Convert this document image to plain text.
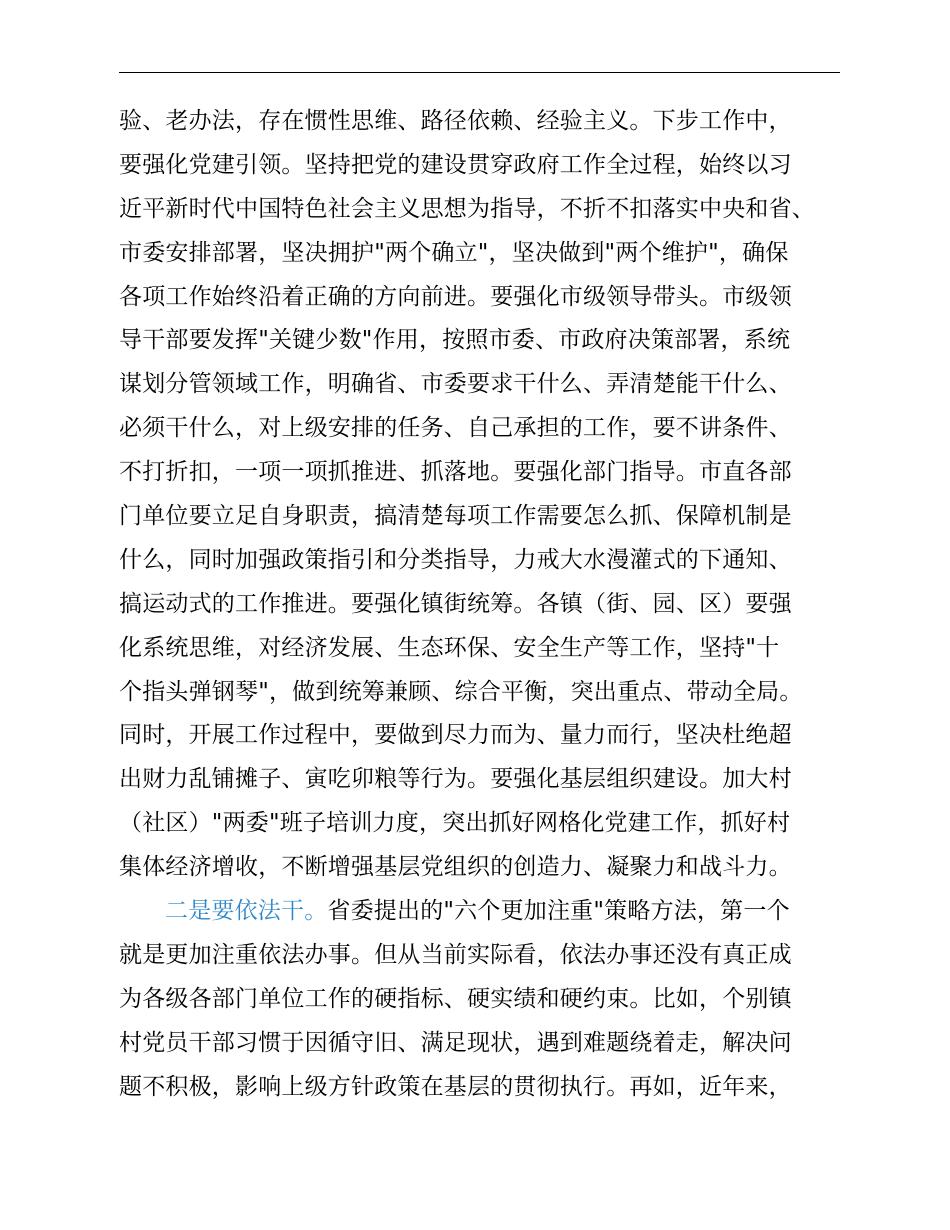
验、老办法，存在惯性思维、路径依赖、经验主义。下步工作中，
要强化党建引领。坚持把党的建设贯穿政府工作全过程，始终以习
近平新时代中国特色社会主义思想为指导，不折不扣落实中央和省、
市委安排部署，坚决拥护"两个确立"，坚决做到"两个维护"，确保
各项工作始终沿着正确的方向前进。要强化市级领导带头。市级领
导干部要发挥"关键少数"作用，按照市委、市政府决策部署，系统
谋划分管领域工作，明确省、市委要求干什么、弄清楚能干什么、
必须干什么，对上级安排的任务、自己承担的工作，要不讲条件、
不打折扣，一项一项抓推进、抓落地。要强化部门指导。市直各部
门单位要立足自身职责，搞清楚每项工作需要怎么抓、保障机制是
什么，同时加强政策指引和分类指导，力戒大水漫灌式的下通知、
搞运动式的工作推进。要强化镇街统筹。各镇（街、园、区）要强
化系统思维，对经济发展、生态环保、安全生产等工作，坚持"十
个指头弹钢琴"，做到统筹兼顾、综合平衡，突出重点、带动全局。
同时，开展工作过程中，要做到尽力而为、量力而行，坚决杜绝超
出财力乱铺摊子、寅吃卯粮等行为。要强化基层组织建设。加大村
（社区）"两委"班子培训力度，突出抓好网格化党建工作，抓好村
集体经济增收，不断增强基层党组织的创造力、凝聚力和战斗力。
二是要依法干。省委提出的"六个更加注重"策略方法，第一个
就是更加注重依法办事。但从当前实际看，依法办事还没有真正成
为各级各部门单位工作的硬指标、硬实绩和硬约束。比如，个别镇
村党员干部习惯于因循守旧、满足现状，遇到难题绕着走，解决问
题不积极，影响上级方针政策在基层的贯彻执行。再如，近年来，
